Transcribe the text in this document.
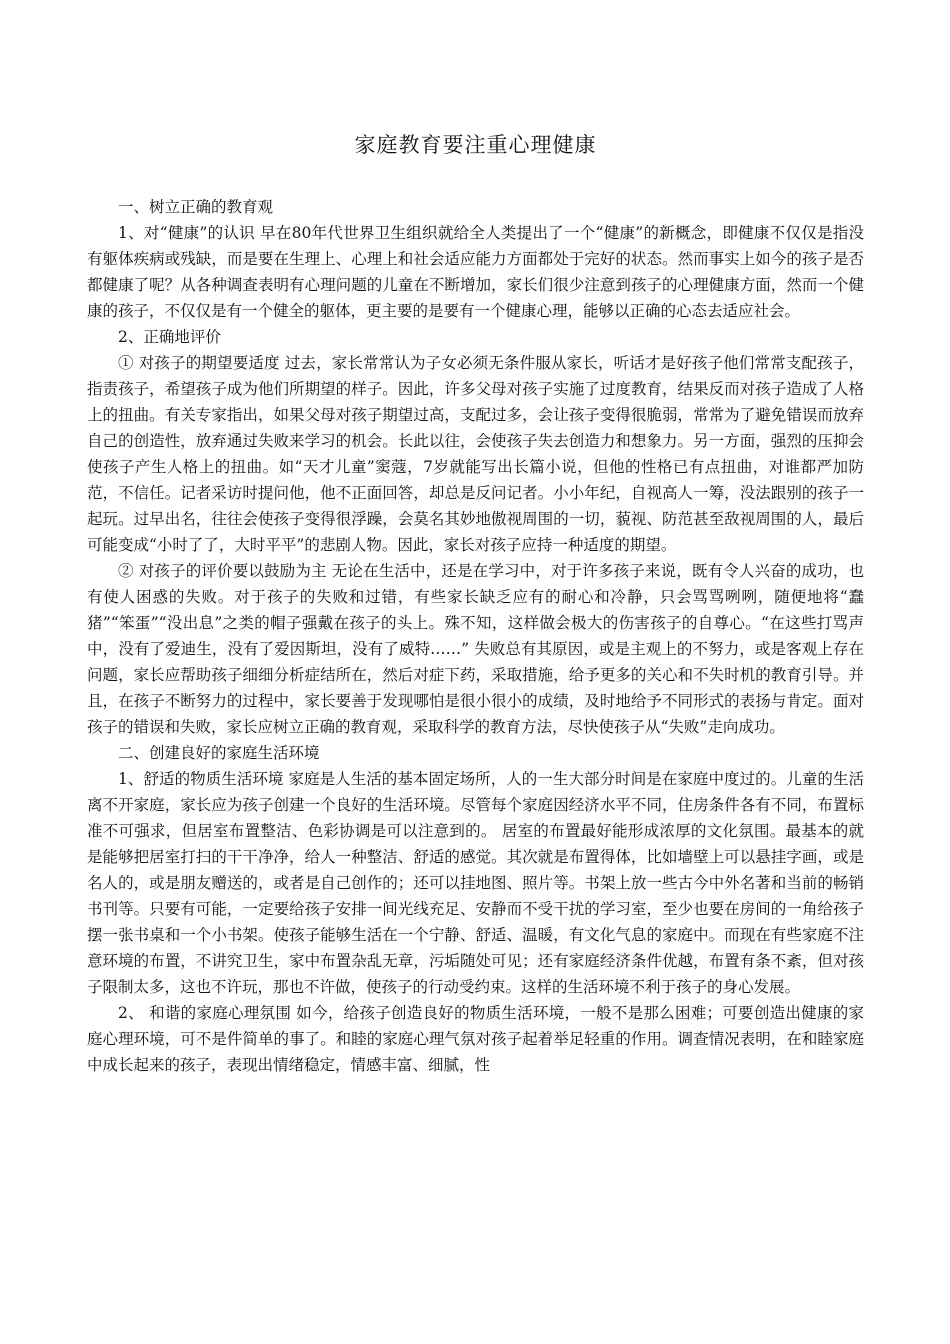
家庭教育要注重心理健康

一、树立正确的教育观

1、对“健康”的认识 早在80年代世界卫生组织就给全人类提出了一个“健康”的新概念，即健康不仅仅是指没有躯体疾病或残缺，而是要在生理上、心理上和社会适应能力方面都处于完好的状态。然而事实上如今的孩子是否都健康了呢？从各种调查表明有心理问题的儿童在不断增加，家长们很少注意到孩子的心理健康方面，然而一个健康的孩子，不仅仅是有一个健全的躯体，更主要的是要有一个健康心理，能够以正确的心态去适应社会。

2、正确地评价

① 对孩子的期望要适度 过去，家长常常认为子女必须无条件服从家长，听话才是好孩子他们常常支配孩子，指责孩子，希望孩子成为他们所期望的样子。因此，许多父母对孩子实施了过度教育，结果反而对孩子造成了人格上的扭曲。有关专家指出，如果父母对孩子期望过高，支配过多，会让孩子变得很脆弱，常常为了避免错误而放弃自己的创造性，放弃通过失败来学习的机会。长此以往，会使孩子失去创造力和想象力。另一方面，强烈的压抑会使孩子产生人格上的扭曲。如“天才儿童”窦蔻，7岁就能写出长篇小说，但他的性格已有点扭曲，对谁都严加防范，不信任。记者采访时提问他，他不正面回答，却总是反问记者。小小年纪，自视高人一筹，没法跟别的孩子一起玩。过早出名，往往会使孩子变得很浮躁，会莫名其妙地傲视周围的一切，藐视、防范甚至敌视周围的人，最后可能变成“小时了了，大时平平”的悲剧人物。因此，家长对孩子应持一种适度的期望。

② 对孩子的评价要以鼓励为主 无论在生活中，还是在学习中，对于许多孩子来说，既有令人兴奋的成功，也有使人困惑的失败。对于孩子的失败和过错，有些家长缺乏应有的耐心和冷静，只会骂骂咧咧，随便地将“蠢猪”“笨蛋”“没出息”之类的帽子强戴在孩子的头上。殊不知，这样做会极大的伤害孩子的自尊心。“在这些打骂声中，没有了爱迪生，没有了爱因斯坦，没有了威特……” 失败总有其原因，或是主观上的不努力，或是客观上存在问题，家长应帮助孩子细细分析症结所在，然后对症下药，采取措施，给予更多的关心和不失时机的教育引导。并且，在孩子不断努力的过程中，家长要善于发现哪怕是很小很小的成绩，及时地给予不同形式的表扬与肯定。面对孩子的错误和失败，家长应树立正确的教育观，采取科学的教育方法，尽快使孩子从“失败”走向成功。

二、创建良好的家庭生活环境

1、舒适的物质生活环境 家庭是人生活的基本固定场所，人的一生大部分时间是在家庭中度过的。儿童的生活离不开家庭，家长应为孩子创建一个良好的生活环境。尽管每个家庭因经济水平不同，住房条件各有不同，布置标准不可强求，但居室布置整洁、色彩协调是可以注意到的。 居室的布置最好能形成浓厚的文化氛围。最基本的就是能够把居室打扫的干干净净，给人一种整洁、舒适的感觉。其次就是布置得体，比如墙壁上可以悬挂字画，或是名人的，或是朋友赠送的，或者是自己创作的；还可以挂地图、照片等。书架上放一些古今中外名著和当前的畅销书刊等。只要有可能，一定要给孩子安排一间光线充足、安静而不受干扰的学习室，至少也要在房间的一角给孩子摆一张书桌和一个小书架。使孩子能够生活在一个宁静、舒适、温暖，有文化气息的家庭中。而现在有些家庭不注意环境的布置，不讲究卫生，家中布置杂乱无章，污垢随处可见；还有家庭经济条件优越，布置有条不紊，但对孩子限制太多，这也不许玩，那也不许做，使孩子的行动受约束。这样的生活环境不利于孩子的身心发展。

2、 和谐的家庭心理氛围 如今，给孩子创造良好的物质生活环境，一般不是那么困难；可要创造出健康的家庭心理环境，可不是件简单的事了。和睦的家庭心理气氛对孩子起着举足轻重的作用。调查情况表明，在和睦家庭中成长起来的孩子，表现出情绪稳定，情感丰富、细腻，性
